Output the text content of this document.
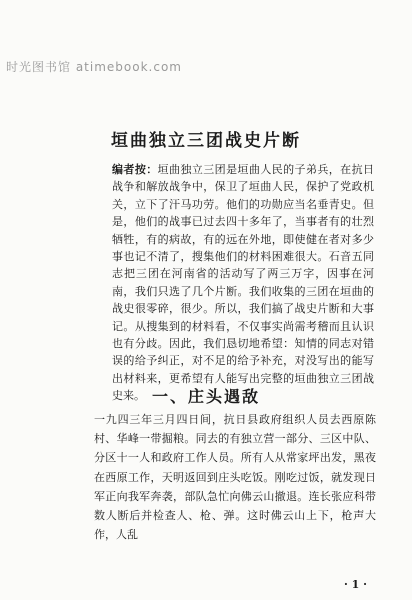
时光图书馆 atimebook.com
垣曲独立三团战史片断

编者按：垣曲独立三团是垣曲人民的子弟兵，在抗日战争和解放战争中，保卫了垣曲人民，保护了党政机关，立下了汗马功劳。他们的功勋应当名垂青史。但是，他们的战事已过去四十多年了，当事者有的壮烈牺牲，有的病故，有的远在外地，即使健在者对多少事也记不清了，搜集他们的材料困难很大。石音五同志把三团在河南省的活动写了两三万字，因事在河南，我们只选了几个片断。我们收集的三团在垣曲的战史很零碎，很少。所以，我们搞了战史片断和大事记。从搜集到的材料看，不仅事实尚需考稽而且认识也有分歧。因此，我们恳切地希望：知情的同志对错误的给予纠正，对不足的给予补充，对没写出的能写出材料来，更希望有人能写出完整的垣曲独立三团战史来。 一、庄头遇敌

一九四三年三月四日间，抗日县政府组织人员去西原陈村、华峰一带掘粮。同去的有独立营一部分、三区中队、分区十一人和政府工作人员。所有人从常家坪出发，黑夜在西原工作，天明返回到庄头吃饭。刚吃过饭，就发现日军正向我军奔袭，部队急忙向佛云山撤退。连长张应科带数人断后并检查人、枪、弹。这时佛云山上下，枪声大作，人乱

· 1 ·
